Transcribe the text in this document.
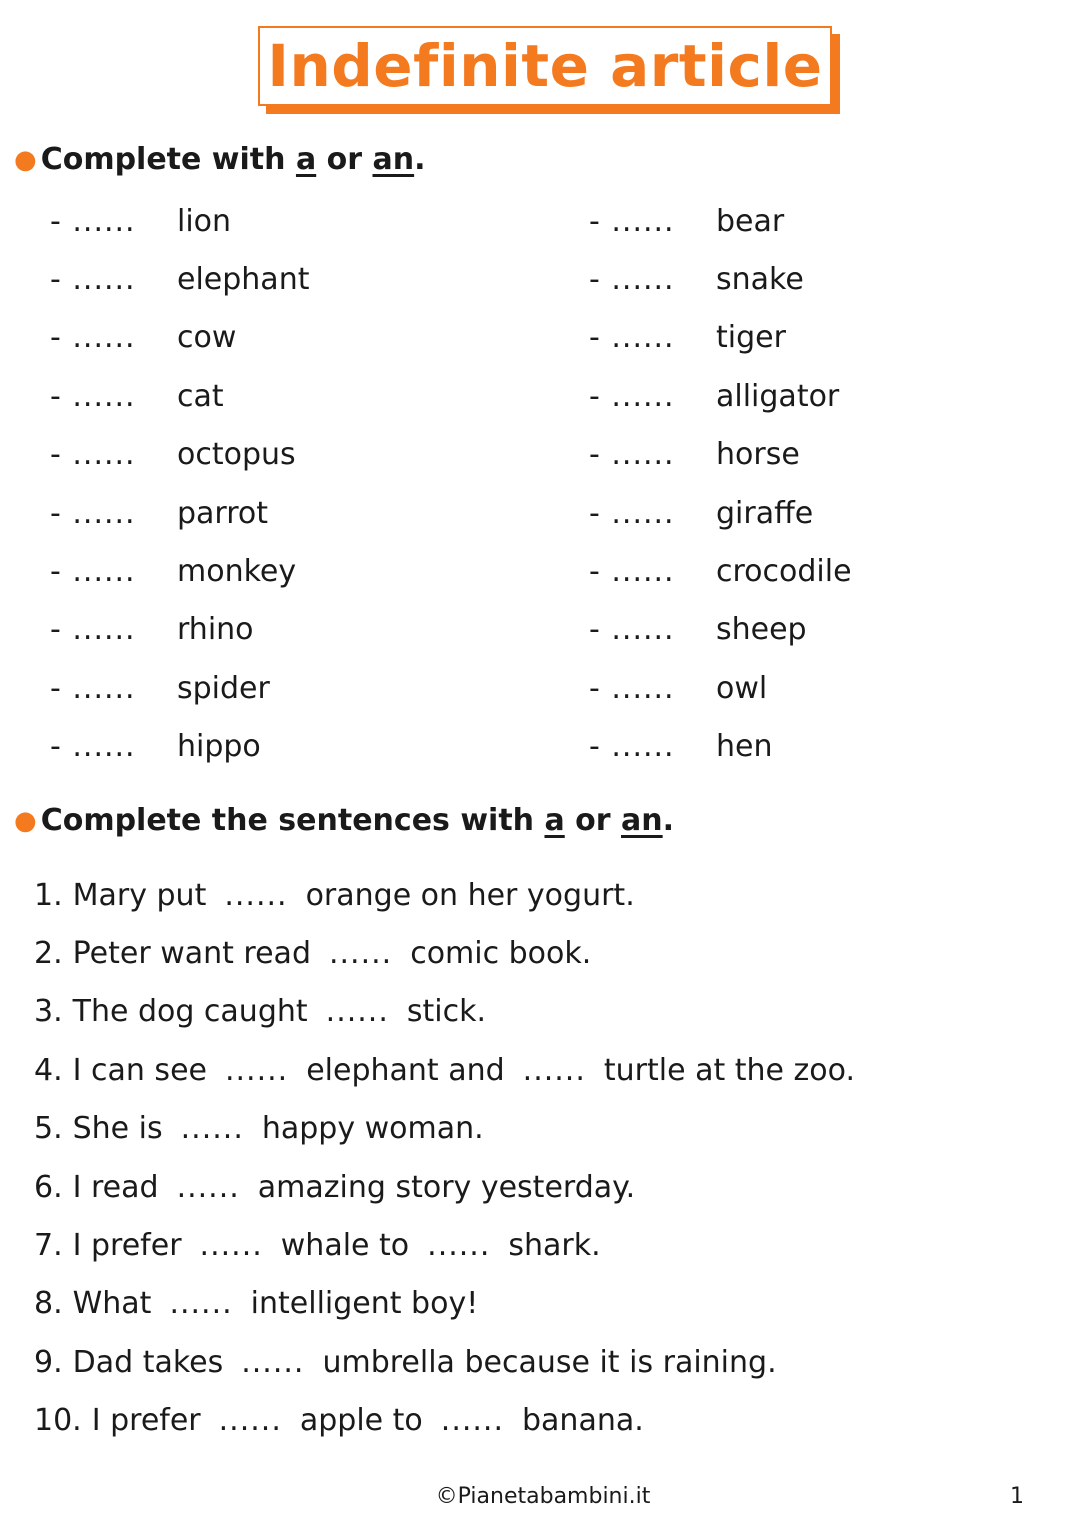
Indefinite article
● Complete with a or an .
- ......	lion
- ......	elephant
- ......	cow
- ......	cat
- ......	octopus
- ......	parrot
- ......	monkey
- ......	rhino
- ......	spider
- ......	hippo
- ......	bear
- ......	snake
- ......	tiger
- ......	alligator
- ......	horse
- ......	giraffe
- ......	crocodile
- ......	sheep
- ......	owl
- ......	hen
● Complete the sentences with a or an .
1. Mary put ...... orange on her yogurt.
2. Peter want read ...... comic book.
3. The dog caught ...... stick.
4. I can see ...... elephant and ...... turtle at the zoo.
5. She is ...... happy woman.
6. I read ...... amazing story yesterday.
7. I prefer ...... whale to ...... shark.
8. What ...... intelligent boy!
9. Dad takes ...... umbrella because it is raining.
10. I prefer ...... apple to ...... banana.
©Pianetabambini.it	1
